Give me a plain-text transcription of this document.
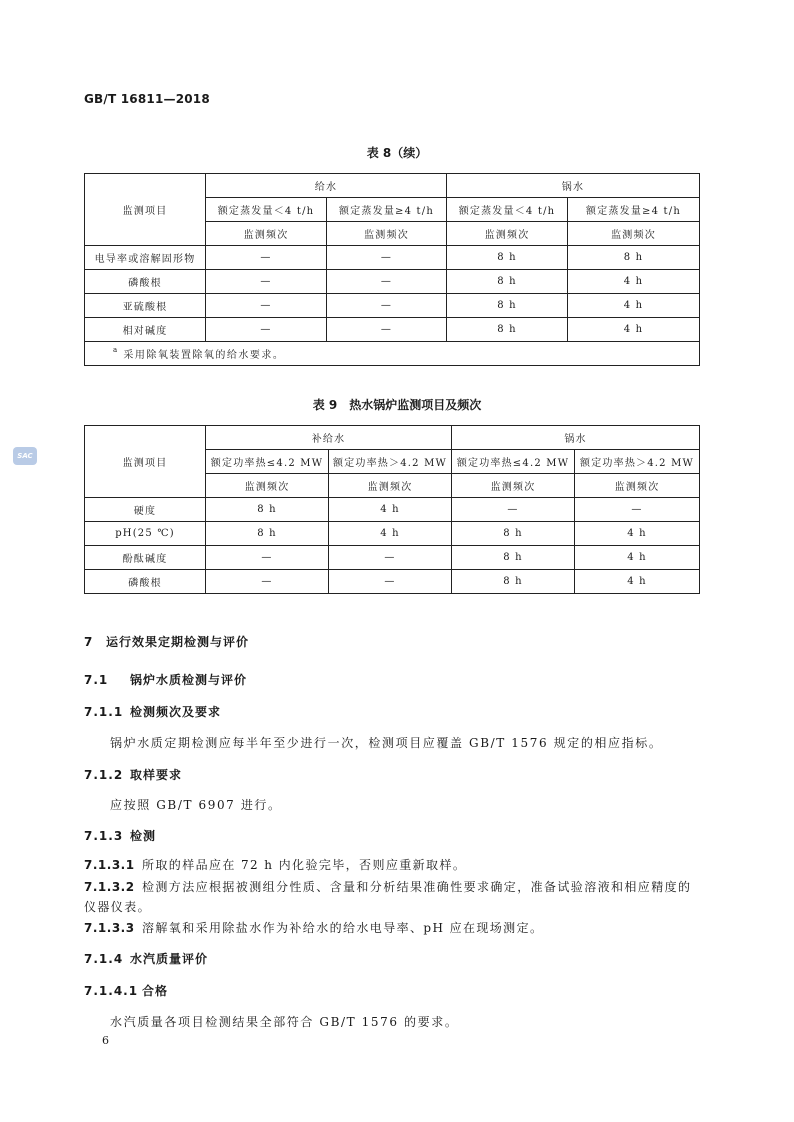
GB/T 16811—2018
SAC
表 8（续）
监测项目	给水		锅水	
	额定蒸发量＜4 t/h	额定蒸发量≥4 t/h	额定蒸发量＜4 t/h	额定蒸发量≥4 t/h
	监测频次	监测频次	监测频次	监测频次
电导率或溶解固形物	—	—	8 h	8 h
磷酸根	—	—	8 h	4 h
亚硫酸根	—	—	8 h	4 h
相对碱度	—	—	8 h	4 h
$^a$ 采用除氧装置除氧的给水要求。				
表 9　热水锅炉监测项目及频次
监测项目	补给水		锅水	
	额定功率热≤4.2 MW	额定功率热＞4.2 MW	额定功率热≤4.2 MW	额定功率热＞4.2 MW
	监测频次	监测频次	监测频次	监测频次
硬度	8 h	4 h	—	—
pH(25 ℃)	8 h	4 h	8 h	4 h
酚酞碱度	—	—	8 h	4 h
磷酸根	—	—	8 h	4 h
7 运行效果定期检测与评价
7.1 锅炉水质检测与评价
7.1.1 检测频次及要求
锅炉水质定期检测应每半年至少进行一次，检测项目应覆盖 GB/T 1576 规定的相应指标。
7.1.2 取样要求
应按照 GB/T 6907 进行。
7.1.3 检测
7.1.3.1 所取的样品应在 72 h 内化验完毕，否则应重新取样。
7.1.3.2 检测方法应根据被测组分性质、含量和分析结果准确性要求确定，准备试验溶液和相应精度的
仪器仪表。
7.1.3.3 溶解氧和采用除盐水作为补给水的给水电导率、pH 应在现场测定。
7.1.4 水汽质量评价
7.1.4.1 合格
水汽质量各项目检测结果全部符合 GB/T 1576 的要求。
6
